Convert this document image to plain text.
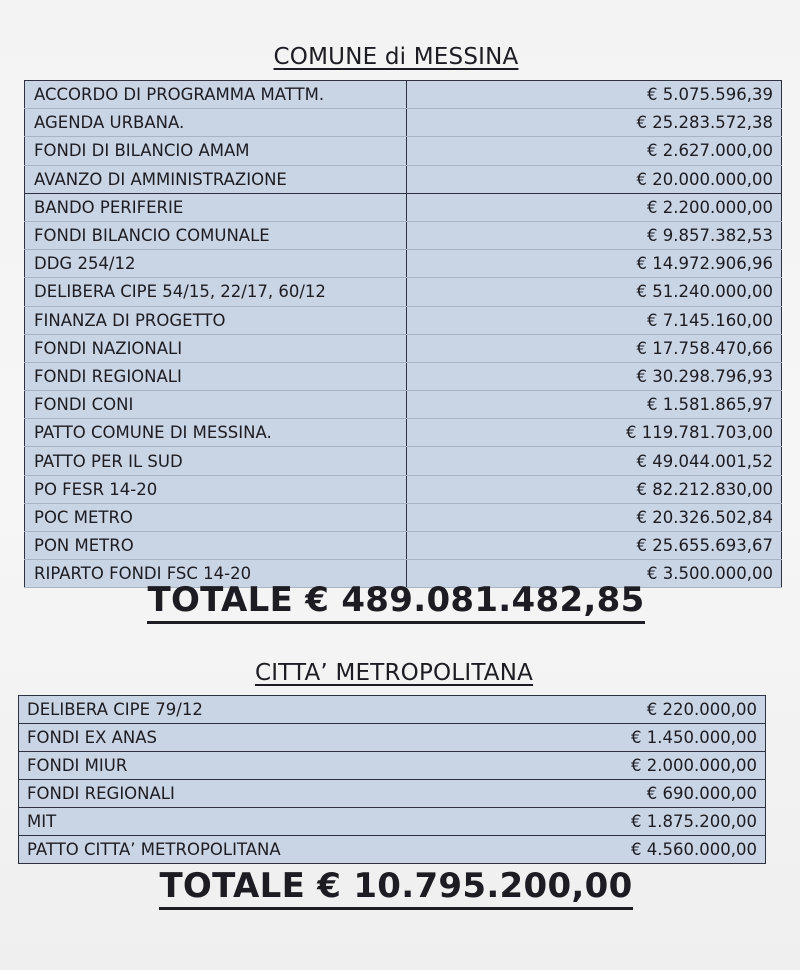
COMUNE di MESSINA
ACCORDO DI PROGRAMMA MATTM.	€ 5.075.596,39
AGENDA URBANA.	€ 25.283.572,38
FONDI DI BILANCIO AMAM	€ 2.627.000,00
AVANZO DI AMMINISTRAZIONE	€ 20.000.000,00
BANDO PERIFERIE	€ 2.200.000,00
FONDI BILANCIO COMUNALE	€ 9.857.382,53
DDG 254/12	€ 14.972.906,96
DELIBERA CIPE 54/15, 22/17, 60/12	€ 51.240.000,00
FINANZA DI PROGETTO	€ 7.145.160,00
FONDI NAZIONALI	€ 17.758.470,66
FONDI REGIONALI	€ 30.298.796,93
FONDI CONI	€ 1.581.865,97
PATTO COMUNE DI MESSINA.	€ 119.781.703,00
PATTO PER IL SUD	€ 49.044.001,52
PO FESR 14-20	€ 82.212.830,00
POC METRO	€ 20.326.502,84
PON METRO	€ 25.655.693,67
RIPARTO FONDI FSC 14-20	€ 3.500.000,00
TOTALE € 489.081.482,85
CITTA’ METROPOLITANA
DELIBERA CIPE 79/12	€ 220.000,00
FONDI EX ANAS	€ 1.450.000,00
FONDI MIUR	€ 2.000.000,00
FONDI REGIONALI	€ 690.000,00
MIT	€ 1.875.200,00
PATTO CITTA’ METROPOLITANA	€ 4.560.000,00
TOTALE € 10.795.200,00
